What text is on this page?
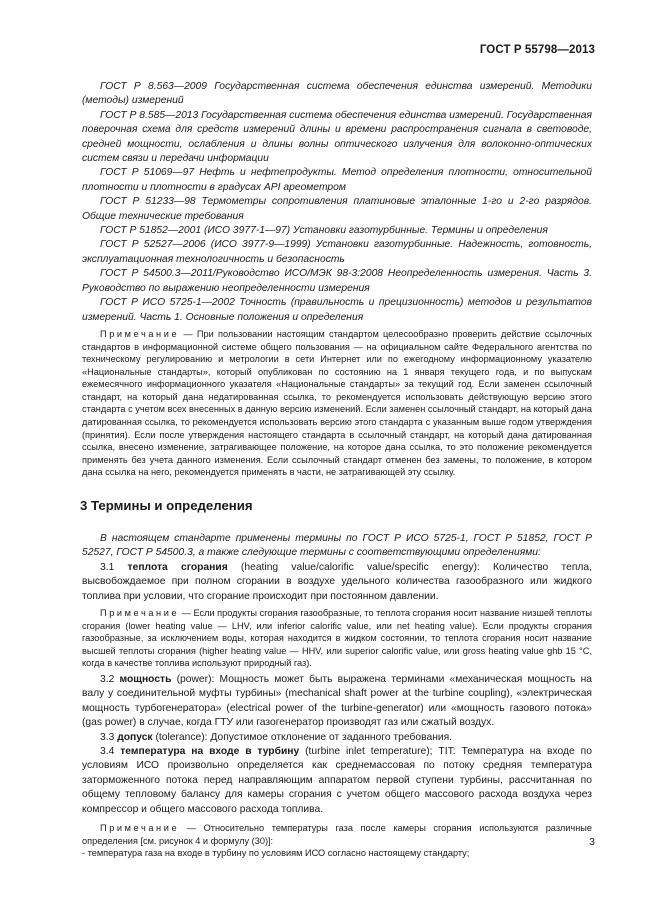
ГОСТ Р 55798—2013

ГОСТ Р 8.563—2009 Государственная система обеспечения единства измерений. Методики (методы) измерений

ГОСТ Р 8.585—2013 Государственная система обеспечения единства измерений. Государственная поверочная схема для средств измерений длины и времени распространения сигнала в световоде, средней мощности, ослабления и длины волны оптического излучения для волоконно-оптических систем связи и передачи информации

ГОСТ Р 51069—97 Нефть и нефтепродукты. Метод определения плотности, относительной плотности и плотности в градусах API ареометром

ГОСТ Р 51233—98 Термометры сопротивления платиновые эталонные 1-го и 2-го разрядов. Общие технические требования

ГОСТ Р 51852—2001 (ИСО 3977-1—97) Установки газотурбинные. Термины и определения

ГОСТ Р 52527—2006 (ИСО 3977-9—1999) Установки газотурбинные. Надежность, готовность, эксплуатационная технологичность и безопасность

ГОСТ Р 54500.3—2011/Руководство ИСО/МЭК 98-3:2008 Неопределенность измерения. Часть 3. Руководство по выражению неопределенности измерения

ГОСТ Р ИСО 5725-1—2002 Точность (правильность и прецизионность) методов и результатов измерений. Часть 1. Основные положения и определения

Примечание — При пользовании настоящим стандартом целесообразно проверить действие ссылочных стандартов в информационной системе общего пользования — на официальном сайте Федерального агентства по техническому регулированию и метрологии в сети Интернет или по ежегодному информационному указателю «Национальные стандарты», который опубликован по состоянию на 1 января текущего года, и по выпускам ежемесячного информационного указателя «Национальные стандарты» за текущий год. Если заменен ссылочный стандарт, на который дана недатированная ссылка, то рекомендуется использовать действующую версию этого стандарта с учетом всех внесенных в данную версию изменений. Если заменен ссылочный стандарт, на который дана датированная ссылка, то рекомендуется использовать версию этого стандарта с указанным выше годом утверждения (принятия). Если после утверждения настоящего стандарта в ссылочный стандарт, на который дана датированная ссылка, внесено изменение, затрагивающее положение, на которое дана ссылка, то это положение рекомендуется применять без учета данного изменения. Если ссылочный стандарт отменен без замены, то положение, в котором дана ссылка на него, рекомендуется применять в части, не затрагивающей эту ссылку.

3 Термины и определения

В настоящем стандарте применены термины по ГОСТ Р ИСО 5725-1, ГОСТ Р 51852, ГОСТ Р 52527, ГОСТ Р 54500.3, а также следующие термины с соответствующими определениями:

3.1 теплота сгорания (heating value/calorific value/specific energy): Количество тепла, высвобождаемое при полном сгорании в воздухе удельного количества газообразного или жидкого топлива при условии, что сгорание происходит при постоянном давлении.

Примечание — Если продукты сгорания газообразные, то теплота сгорания носит название низшей теплоты сгорания (lower heating value — LHV, или inferior calorific value, или net heating value). Если продукты сгорания газообразные, за исключением воды, которая находится в жидком состоянии, то теплота сгорания носит название высшей теплоты сгорания (higher heating value — HHV, или superior calorific value, или gross heating value ghb 15 °С, когда в качестве топлива используют природный газ).

3.2 мощность (power): Мощность может быть выражена терминами «механическая мощность на валу у соединительной муфты турбины» (mechanical shaft power at the turbine coupling), «электрическая мощность турбогенератора» (electrical power of the turbine-generator) или «мощность газового потока» (gas power) в случае, когда ГТУ или газогенератор производят газ или сжатый воздух.

3.3 допуск (tolerance): Допустимое отклонение от заданного требования.

3.4 температура на входе в турбину (turbine inlet temperature); TIT: Температура на входе по условиям ИСО произвольно определяется как среднемассовая по потоку средняя температура заторможенного потока перед направляющим аппаратом первой ступени турбины, рассчитанная по общему тепловому балансу для камеры сгорания с учетом общего массового расхода воздуха через компрессор и общего массового расхода топлива.

Примечание — Относительно температуры газа после камеры сгорания используются различные определения [см. рисунок 4 и формулу (30)]:

- температура газа на входе в турбину по условиям ИСО согласно настоящему стандарту;

3
